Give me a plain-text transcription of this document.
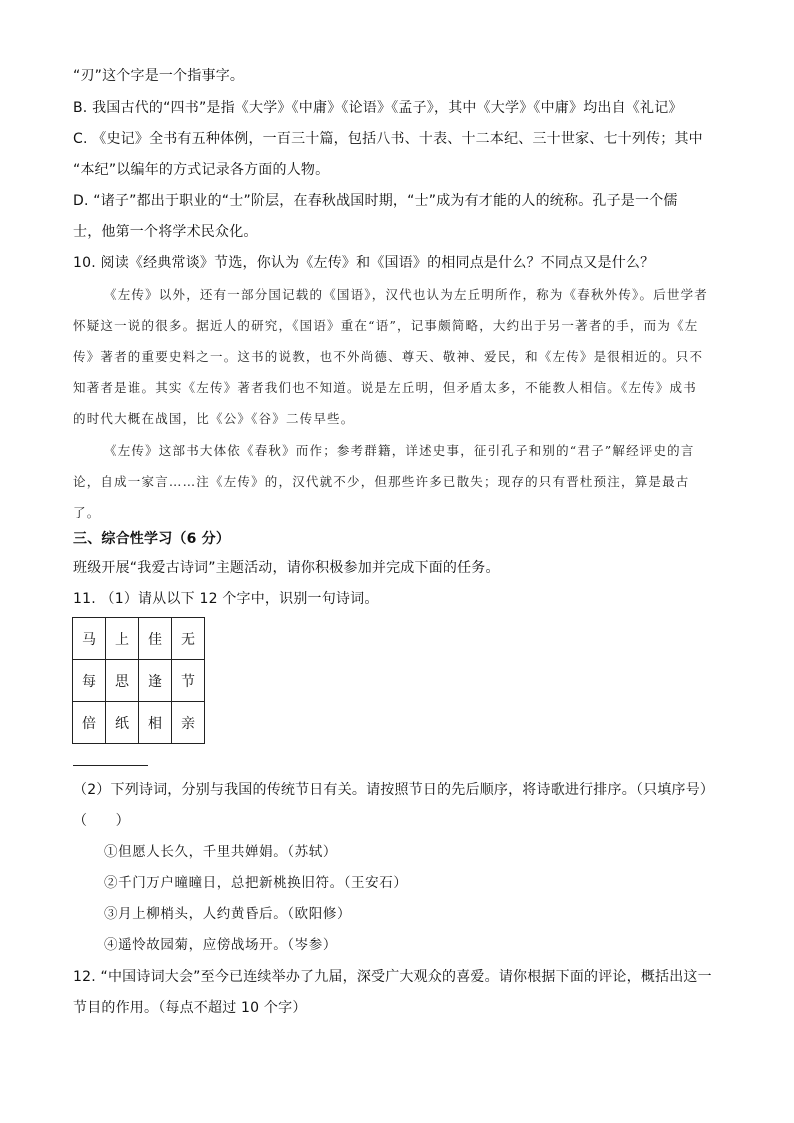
“刃”这个字是一个指事字。
B. 我国古代的“四书”是指《大学》《中庸》《论语》《孟子》，其中《大学》《中庸》均出自《礼记》
C. 《史记》全书有五种体例，一百三十篇，包括八书、十表、十二本纪、三十世家、七十列传；其中
“本纪”以编年的方式记录各方面的人物。
D. “诸子”都出于职业的“士”阶层，在春秋战国时期，“士”成为有才能的人的统称。孔子是一个儒
士，他第一个将学术民众化。
10. 阅读《经典常谈》节选，你认为《左传》和《国语》的相同点是什么？不同点又是什么？
《左传》以外，还有一部分国记载的《国语》，汉代也认为左丘明所作，称为《春秋外传》。后世学者
怀疑这一说的很多。据近人的研究，《国语》重在“语”，记事颇简略，大约出于另一著者的手，而为《左
传》著者的重要史料之一。这书的说教，也不外尚德、尊天、敬神、爱民，和《左传》是很相近的。只不
知著者是谁。其实《左传》著者我们也不知道。说是左丘明，但矛盾太多，不能教人相信。《左传》成书
的时代大概在战国，比《公》《谷》二传早些。
《左传》这部书大体依《春秋》而作；参考群籍，详述史事，征引孔子和别的“君子”解经评史的言
论，自成一家言……注《左传》的，汉代就不少，但那些许多已散失；现存的只有晋杜预注，算是最古
了。
三、综合性学习（6 分）
班级开展“我爱古诗词”主题活动，请你积极参加并完成下面的任务。
11. （1）请从以下 12 个字中，识别一句诗词。
马	上	佳	无
每	思	逢	节
倍	纸	相	亲
（2）下列诗词，分别与我国的传统节日有关。请按照节日的先后顺序，将诗歌进行排序。（只填序号）
（　　）
①但愿人长久，千里共婵娟。（苏轼）
②千门万户曈曈日，总把新桃换旧符。（王安石）
③月上柳梢头，人约黄昏后。（欧阳修）
④遥怜故园菊，应傍战场开。（岑参）
12. “中国诗词大会”至今已连续举办了九届，深受广大观众的喜爱。请你根据下面的评论，概括出这一
节目的作用。（每点不超过 10 个字）
